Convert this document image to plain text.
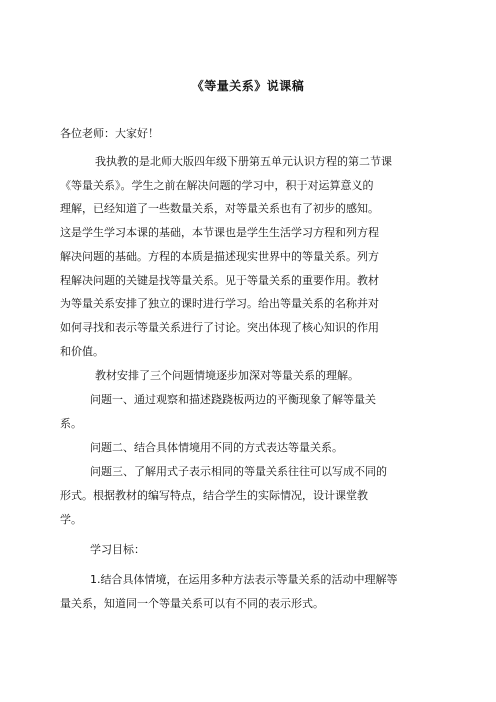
《等量关系》说课稿
各位老师：大家好！
我执教的是北师大版四年级下册第五单元认识方程的第二节课
《等量关系》。学生之前在解决问题的学习中，积于对运算意义的
理解，已经知道了一些数量关系，对等量关系也有了初步的感知。
这是学生学习本课的基础，本节课也是学生生活学习方程和列方程
解决问题的基础。方程的本质是描述现实世界中的等量关系。列方
程解决问题的关键是找等量关系。见于等量关系的重要作用。教材
为等量关系安排了独立的课时进行学习。给出等量关系的名称并对
如何寻找和表示等量关系进行了讨论。突出体现了核心知识的作用
和价值。
教材安排了三个问题情境逐步加深对等量关系的理解。
问题一、通过观察和描述跷跷板两边的平衡现象了解等量关
系。
问题二、结合具体情境用不同的方式表达等量关系。
问题三、了解用式子表示相同的等量关系往往可以写成不同的
形式。根据教材的编写特点，结合学生的实际情况，设计课堂教
学。
学习目标：
1.结合具体情境，在运用多种方法表示等量关系的活动中理解等
量关系，知道同一个等量关系可以有不同的表示形式。
